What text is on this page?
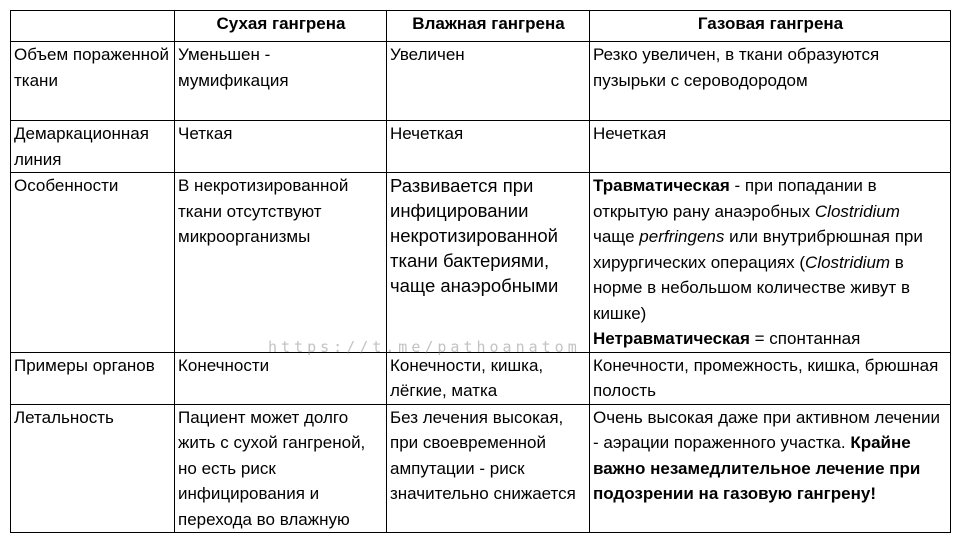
	Сухая гангрена	Влажная гангрена	Газовая гангрена
Объем пораженной ткани	Уменьшен - мумификация	Увеличен	Резко увеличен, в ткани образуются пузырьки с сероводородом
Демаркационная линия	Четкая	Нечеткая	Нечеткая
Особенности	В некротизированной ткани отсутствуют микроорганизмы	Развивается при инфицировании некротизированной ткани бактериями, чаще анаэробными	Травматическая - при попадании в открытую рану анаэробных Clostridium
чаще perfringens или внутрибрюшная при хирургических операциях (Clostridium в норме в небольшом количестве живут в кишке)
Нетравматическая = спонтанная
Примеры органов	Конечности	Конечности, кишка, лёгкие, матка	Конечности, промежность, кишка, брюшная полость
Летальность	Пациент может долго жить с сухой гангреной, но есть риск инфицирования и перехода во влажную	Без лечения высокая, при своевременной ампутации - риск значительно снижается	Очень высокая даже при активном лечении - аэрации пораженного участка. Крайне важно незамедлительное лечение при подозрении на газовую гангрену!
https://t.me/pathoanatom
